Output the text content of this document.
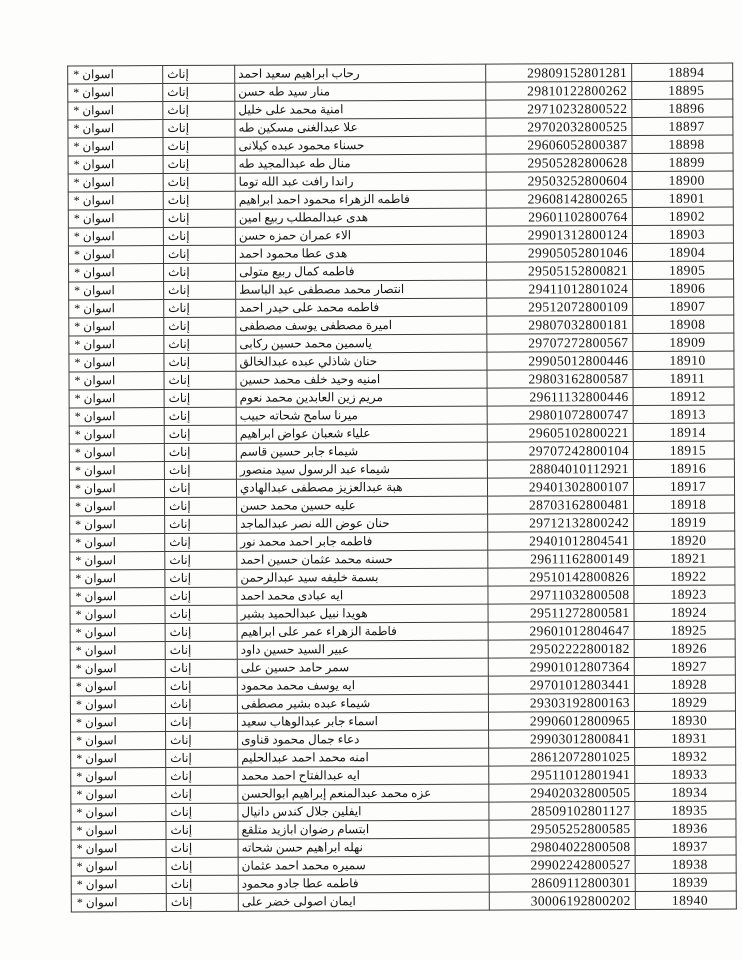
18894	29809152801281	رحاب ابراهيم سعيد احمد	إناث	اسوان *
18895	29810122800262	منار سيد طه حسن	إناث	اسوان *
18896	29710232800522	امنية محمد على خليل	إناث	اسوان *
18897	29702032800525	علا عبدالغنى مسكين طه	إناث	اسوان *
18898	29606052800387	حسناء محمود عبده كيلانى	إناث	اسوان *
18899	29505282800628	منال طه عبدالمجيد طه	إناث	اسوان *
18900	29503252800604	راندا رافت عبد الله توما	إناث	اسوان *
18901	29608142800265	فاطمه الزهراء محمود احمد ابراهيم	إناث	اسوان *
18902	29601102800764	هدى عبدالمطلب ربيع امين	إناث	اسوان *
18903	29901312800124	الاء عمران حمزه حسن	إناث	اسوان *
18904	29905052801046	هدى عطا محمود احمد	إناث	اسوان *
18905	29505152800821	فاطمه كمال ربيع متولى	إناث	اسوان *
18906	29411012801024	انتصار محمد مصطفى عبد الباسط	إناث	اسوان *
18907	29512072800109	فاطمه محمد على حيدر احمد	إناث	اسوان *
18908	29807032800181	اميرة مصطفى يوسف مصطفى	إناث	اسوان *
18909	29707272800567	ياسمين محمد حسين ركابى	إناث	اسوان *
18910	29905012800446	حنان شاذلي عبده عبدالخالق	إناث	اسوان *
18911	29803162800587	امنيه وحيد خلف محمد حسين	إناث	اسوان *
18912	29611132800446	مريم زين العابدين محمد نعوم	إناث	اسوان *
18913	29801072800747	ميرنا سامح شحاته حبيب	إناث	اسوان *
18914	29605102800221	علياء شعبان عواض ابراهيم	إناث	اسوان *
18915	29707242800104	شيماء جابر حسين قاسم	إناث	اسوان *
18916	28804010112921	شيماء عبد الرسول سيد منصور	إناث	اسوان *
18917	29401302800107	هبة عبدالعزيز مصطفى عبدالهادي	إناث	اسوان *
18918	28703162800481	عليه حسين محمد حسن	إناث	اسوان *
18919	29712132800242	حنان عوض الله نصر عبدالماجد	إناث	اسوان *
18920	29401012804541	فاطمه جابر احمد محمد نور	إناث	اسوان *
18921	29611162800149	حسنه محمد عثمان حسين احمد	إناث	اسوان *
18922	29510142800826	بسمة خليفه سيد عبدالرحمن	إناث	اسوان *
18923	29711032800508	ايه عبادى محمد احمد	إناث	اسوان *
18924	29511272800581	هويدا نبيل عبدالحميد بشير	إناث	اسوان *
18925	29601012804647	فاطمة الزهراء عمر على ابراهيم	إناث	اسوان *
18926	29502222800182	عبير السيد حسين داود	إناث	اسوان *
18927	29901012807364	سمر حامد حسين على	إناث	اسوان *
18928	29701012803441	ايه يوسف محمد محمود	إناث	اسوان *
18929	29303192800163	شيماء عبده بشير مصطفى	إناث	اسوان *
18930	29906012800965	اسماء جابر عبدالوهاب سعيد	إناث	اسوان *
18931	29903012800841	دعاء جمال محمود قناوى	إناث	اسوان *
18932	28612072801025	امنه محمد احمد عبدالحليم	إناث	اسوان *
18933	29511012801941	ايه عبدالفتاح احمد محمد	إناث	اسوان *
18934	29402032800505	عزه محمد عبدالمنعم إبراهيم ابوالحسن	إناث	اسوان *
18935	28509102801127	ايفلين جلال كندس دانيال	إناث	اسوان *
18936	29505252800585	ابتسام رضوان ابازيد متلقع	إناث	اسوان *
18937	29804022800508	نهله ابراهيم حسن شحاته	إناث	اسوان *
18938	29902242800527	سميره محمد احمد عثمان	إناث	اسوان *
18939	28609112800301	فاطمه عطا جادو محمود	إناث	اسوان *
18940	30006192800202	ايمان اصولى خضر على	إناث	اسوان *
